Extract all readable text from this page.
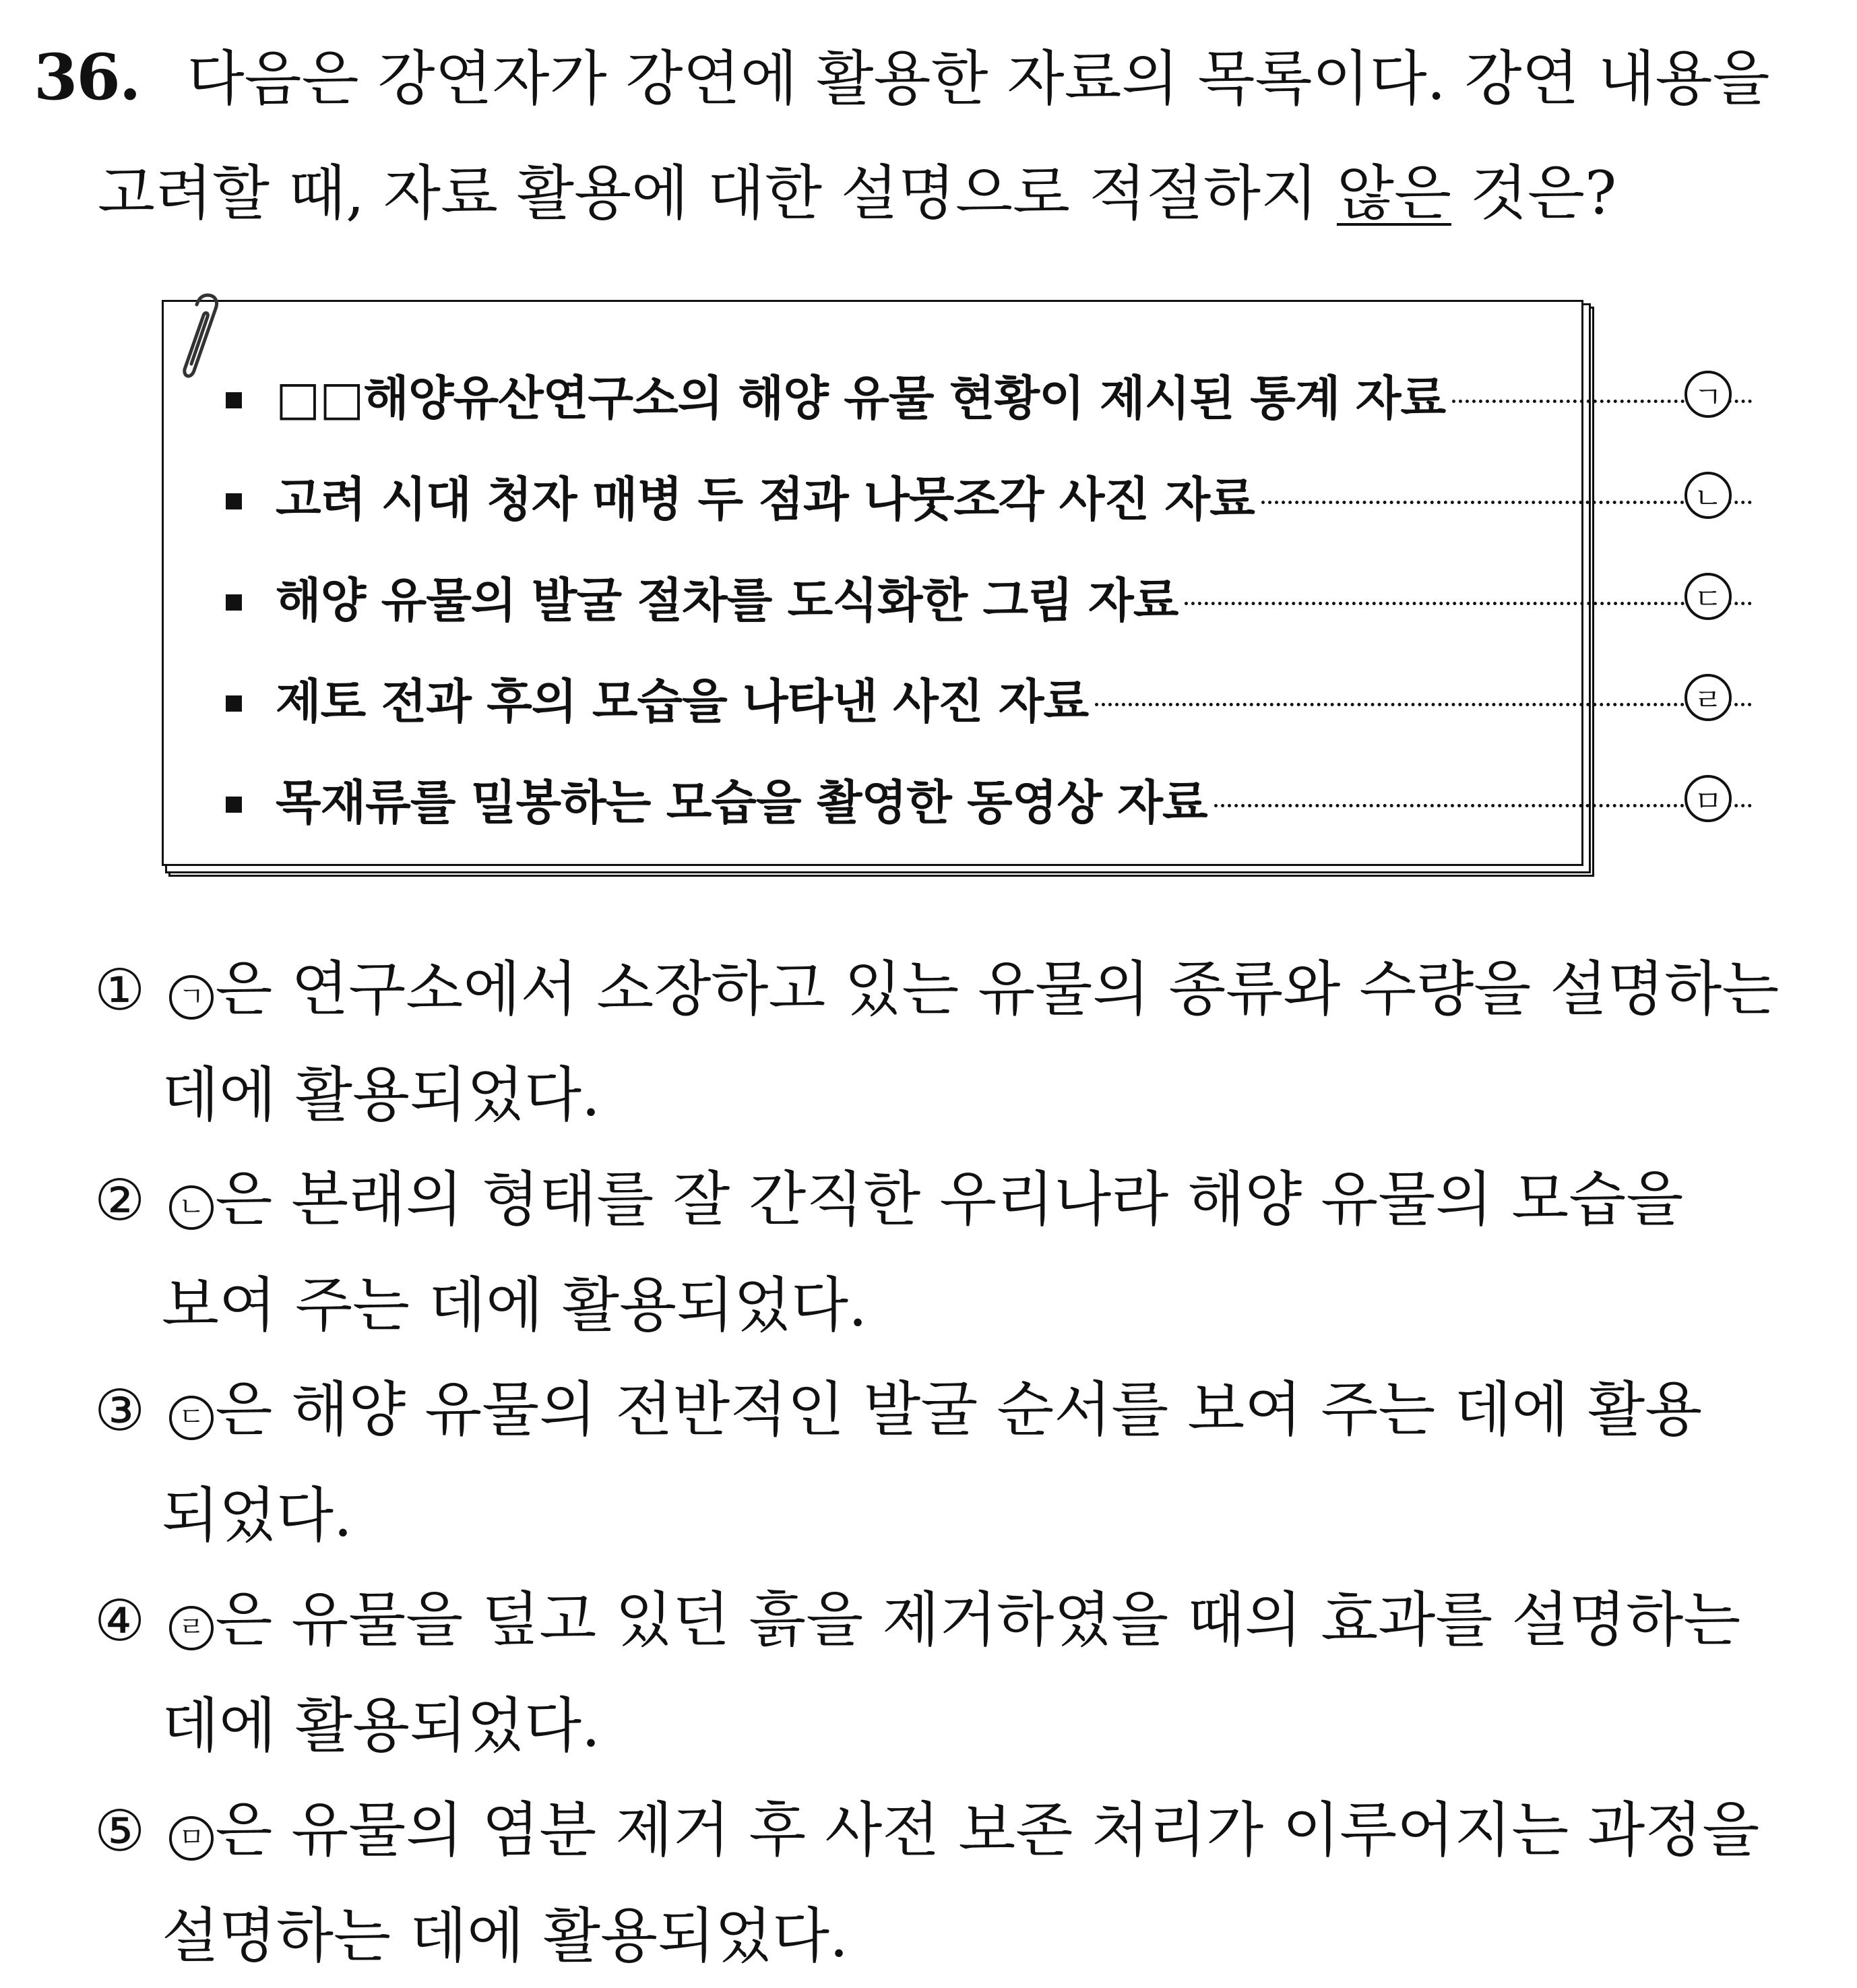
36. 다음은 강연자가 강연에 활용한 자료의 목록이다. 강연 내용을
고려할 때, 자료 활용에 대한 설명으로 적절하지 않은 것은?
□□해양유산연구소의 해양 유물 현황이 제시된 통계 자료	ㄱ
고려 시대 청자 매병 두 점과 나뭇조각 사진 자료	ㄴ
해양 유물의 발굴 절차를 도식화한 그림 자료	ㄷ
제토 전과 후의 모습을 나타낸 사진 자료	ㄹ
목재류를 밀봉하는 모습을 촬영한 동영상 자료	ㅁ
①	ㄱ 은 연구소에서 소장하고 있는 유물의 종류와 수량을 설명하는
데에 활용되었다.
②	ㄴ 은 본래의 형태를 잘 간직한 우리나라 해양 유물의 모습을
보여 주는 데에 활용되었다.
③	ㄷ 은 해양 유물의 전반적인 발굴 순서를 보여 주는 데에 활용
되었다.
④	ㄹ 은 유물을 덮고 있던 흙을 제거하였을 때의 효과를 설명하는
데에 활용되었다.
⑤	ㅁ 은 유물의 염분 제거 후 사전 보존 처리가 이루어지는 과정을
설명하는 데에 활용되었다.
